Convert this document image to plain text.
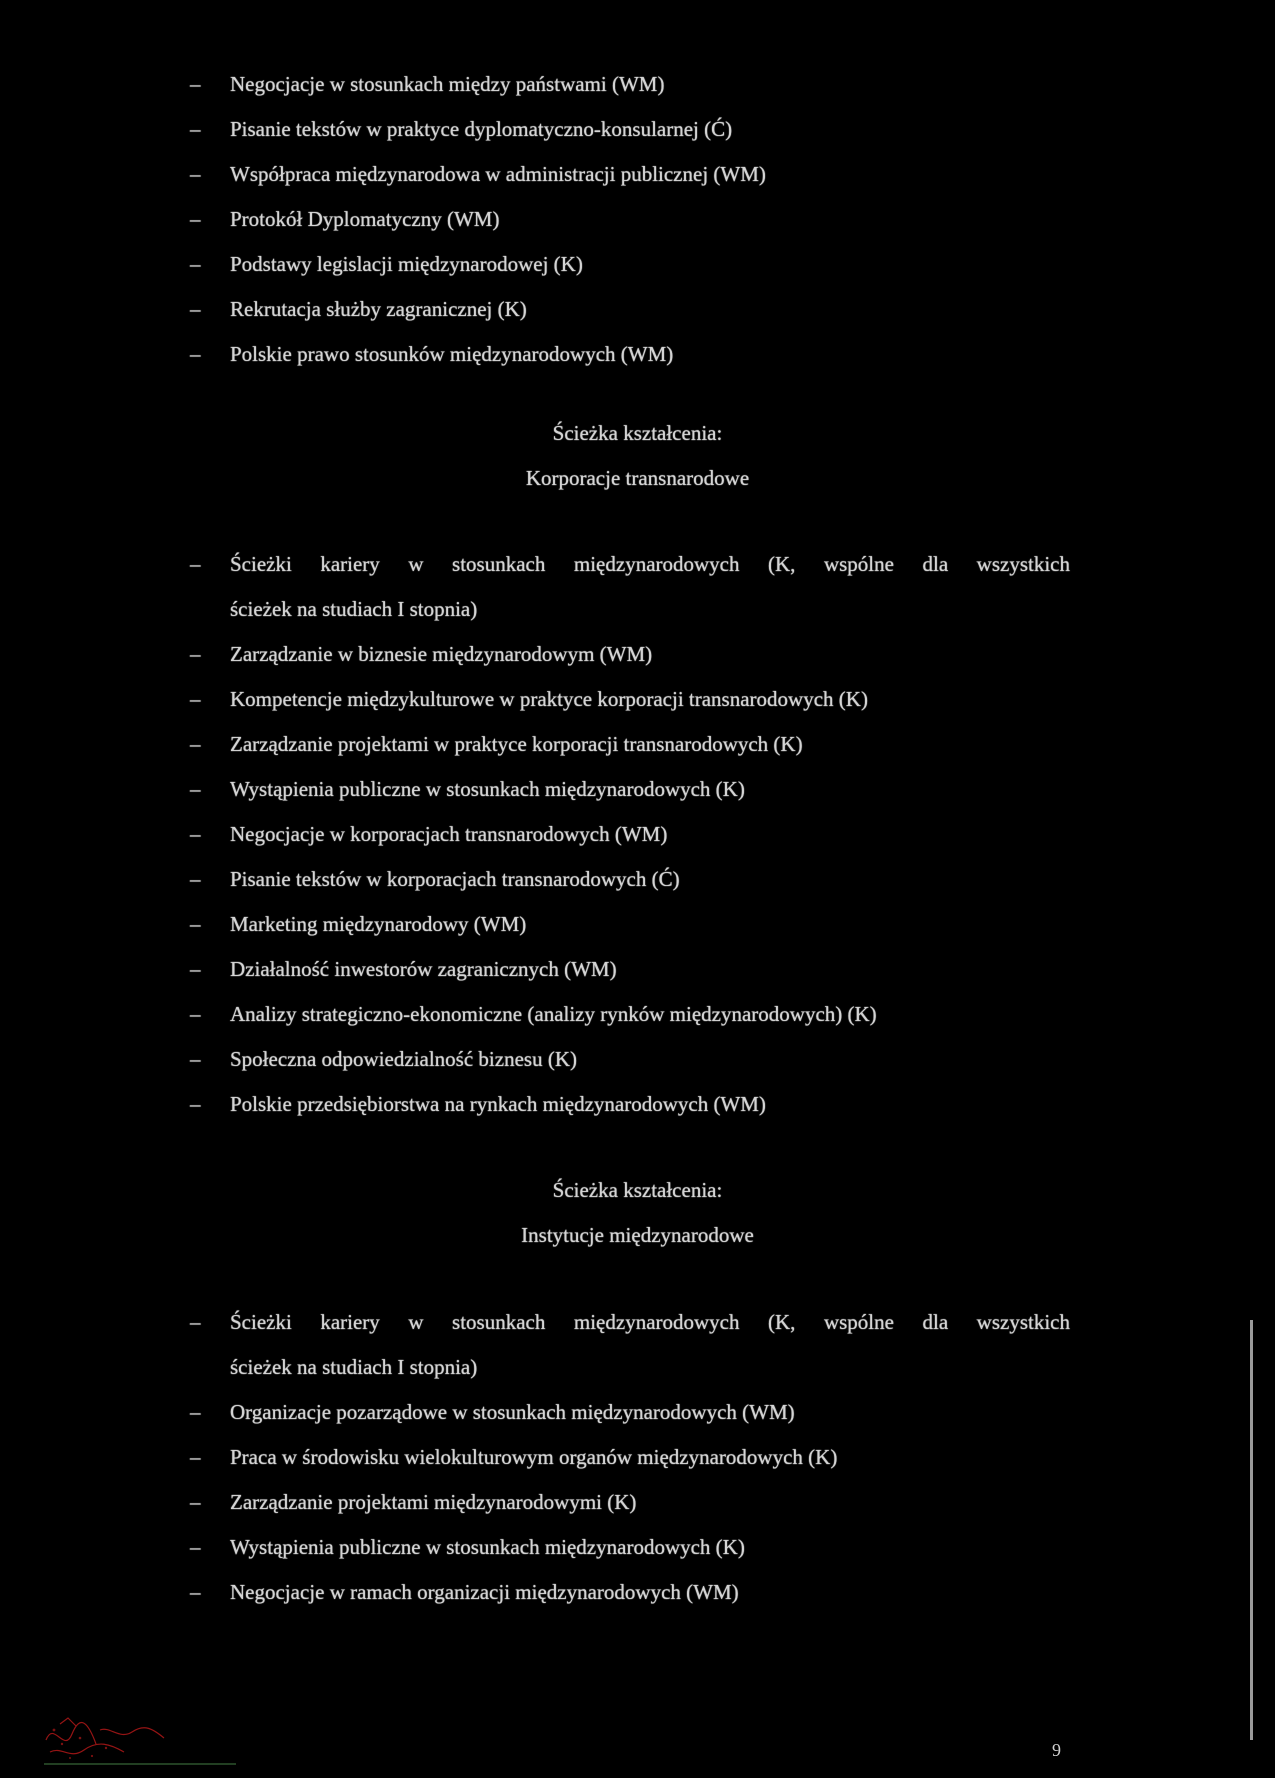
–	Negocjacje w stosunkach między państwami (WM)
–	Pisanie tekstów w praktyce dyplomatyczno-konsularnej (Ć)
–	Współpraca międzynarodowa w administracji publicznej (WM)
–	Protokół Dyplomatyczny (WM)
–	Podstawy legislacji międzynarodowej (K)
–	Rekrutacja służby zagranicznej (K)
–	Polskie prawo stosunków międzynarodowych (WM)
Ścieżka kształcenia:
Korporacje transnarodowe
–	Ścieżki kariery w stosunkach międzynarodowych (K, wspólne dla wszystkich
ścieżek na studiach I stopnia)
–	Zarządzanie w biznesie międzynarodowym (WM)
–	Kompetencje międzykulturowe w praktyce korporacji transnarodowych (K)
–	Zarządzanie projektami w praktyce korporacji transnarodowych (K)
–	Wystąpienia publiczne w stosunkach międzynarodowych (K)
–	Negocjacje w korporacjach transnarodowych (WM)
–	Pisanie tekstów w korporacjach transnarodowych (Ć)
–	Marketing międzynarodowy (WM)
–	Działalność inwestorów zagranicznych (WM)
–	Analizy strategiczno-ekonomiczne (analizy rynków międzynarodowych) (K)
–	Społeczna odpowiedzialność biznesu (K)
–	Polskie przedsiębiorstwa na rynkach międzynarodowych (WM)
Ścieżka kształcenia:
Instytucje międzynarodowe
–	Ścieżki kariery w stosunkach międzynarodowych (K, wspólne dla wszystkich
ścieżek na studiach I stopnia)
–	Organizacje pozarządowe w stosunkach międzynarodowych (WM)
–	Praca w środowisku wielokulturowym organów międzynarodowych (K)
–	Zarządzanie projektami międzynarodowymi (K)
–	Wystąpienia publiczne w stosunkach międzynarodowych (K)
–	Negocjacje w ramach organizacji międzynarodowych (WM)
9
